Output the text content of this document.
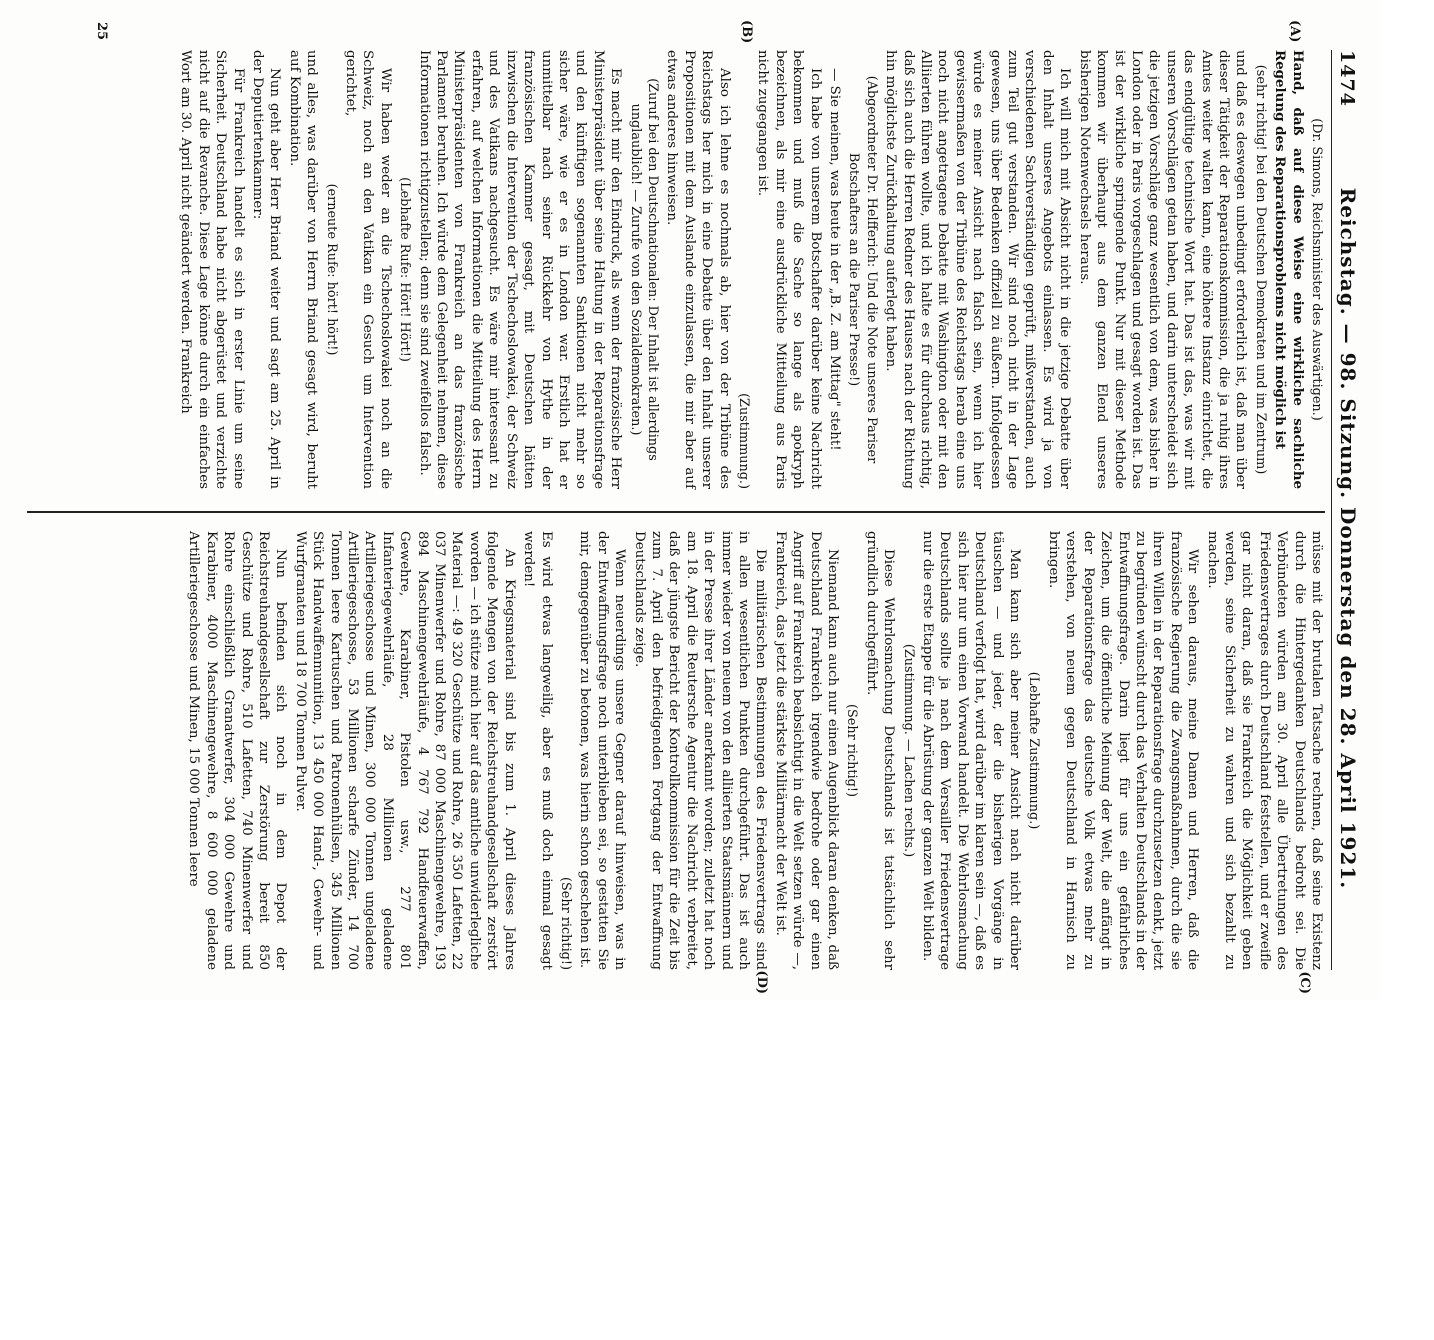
1474
Reichstag. — 98. Sitzung. Donnerstag den 28. April 1921.

(Dr. Simons, Reichsminister des Auswärtigen.)

(A)

Hand, daß auf diese Weise eine wirkliche sachliche Regelung des Reparationsproblems nicht möglich ist

(sehr richtig! bei den Deutschen Demokraten und im Zentrum)

und daß es deswegen unbedingt erforderlich ist, daß man über dieser Tätigkeit der Reparationskommission, die ja ruhig ihres Amtes weiter walten kann, eine höhere Instanz einrichtet, die das endgültige technische Wort hat. Das ist das, was wir mit unseren Vorschlägen getan haben, und darin unterscheidet sich die jetzigen Vorschläge ganz wesentlich von dem, was bisher in London oder in Paris vorgeschlagen und gesagt worden ist. Das ist der wirkliche springende Punkt. Nur mit dieser Methode kommen wir überhaupt aus dem ganzen Elend unseres bisherigen Notenwechsels heraus.

Ich will mich mit Absicht nicht in die jetzige Debatte über den Inhalt unseres Angebots einlassen. Es wird ja von verschiedenen Sachverständigen geprüft, mißverstanden, auch zum Teil gut verstanden. Wir sind noch nicht in der Lage gewesen, uns über Bedenken offiziell zu äußern. Infolgedessen würde es meiner Ansicht nach falsch sein, wenn ich hier gewissermaßen von der Tribüne des Reichstags herab eine uns noch nicht angetragene Debatte mit Washington oder mit den Alliierten führen wollte, und ich halte es für durchaus richtig, daß sich auch die Herren Redner des Hauses nach der Richtung hin möglichste Zurückhaltung auferlegt haben.

(Abgeordneter Dr. Helfferich: Und die Note unseres Pariser Botschafters an die Pariser Presse!)

— Sie meinen, was heute in der „B. Z. am Mittag" steht!

(B)

Ich habe von unserem Botschafter darüber keine Nachricht bekommen und muß die Sache so lange als apokryph bezeichnen, als mir eine ausdrückliche Mitteilung aus Paris nicht zugegangen ist.

(Zustimmung.)

Also ich lehne es nochmals ab, hier von der Tribüne des Reichstags her mich in eine Debatte über den Inhalt unserer Propositionen mit dem Auslande einzulassen, die mir aber auf etwas anderes hinweisen.

(Zuruf bei den Deutschnationalen: Der Inhalt ist allerdings unglaublich! — Zurufe von den Sozialdemokraten.)

Es macht mir den Eindruck, als wenn der französische Herr Ministerpräsident über seine Haltung in der Reparationsfrage und den künftigen sogenannten Sanktionen nicht mehr so sicher wäre, wie er es in London war. Erstlich hat er unmittelbar nach seiner Rückkehr von Hythe in der französischen Kammer gesagt, mit Deutschen hätten inzwischen die Intervention der Tschechoslowakei, der Schweiz und des Vatikans nachgesucht. Es wäre mir interessant zu erfahren, auf welchen Informationen die Mitteilung des Herrn Ministerpräsidenten von Frankreich an das französische Parlament beruhen. Ich würde dem Gelegenheit nehmen, diese Informationen richtigzustellen; denn sie sind zweifellos falsch.

(Lebhafte Rufe: Hört! Hört!)

Wir haben weder an die Tschechoslowakei noch an die Schweiz, noch an den Vatikan ein Gesuch um Intervention gerichtet,

(erneute Rufe: hört! hört!)

und alles, was darüber von Herrn Briand gesagt wird, beruht auf Kombination.

Nun geht aber Herr Briand weiter und sagt am 25. April in der Deputiertenkammer:

25

Für Frankreich handelt es sich in erster Linie um seine Sicherheit. Deutschland habe nicht abgerüstet und verzichte nicht auf die Revanche. Diese Lage könne durch ein einfaches Wort am 30. April nicht geändert werden. Frankreich

(C)

müsse mit der brutalen Tatsache rechnen, daß seine Existenz durch die Hintergedanken Deutschlands bedroht sei. Die Verbündeten würden am 30. April alle Übertretungen des Friedensvertrages durch Deutschland feststellen, und er zweifle gar nicht daran, daß sie Frankreich die Möglichkeit geben werden, seine Sicherheit zu wahren und sich bezahlt zu machen.

Wir sehen daraus, meine Damen und Herren, daß die französische Regierung die Zwangsmaßnahmen, durch die sie ihren Willen in der Reparationsfrage durchzusetzen denkt, jetzt zu begründen wünscht durch das Verhalten Deutschlands in der Entwaffnungsfrage. Darin liegt für uns ein gefährliches Zeichen, um die öffentliche Meinung der Welt, die anfängt in der Reparationsfrage das deutsche Volk etwas mehr zu verstehen, von neuem gegen Deutschland in Harnisch zu bringen.

(Lebhafte Zustimmung.)

Man kann sich aber meiner Ansicht nach nicht darüber täuschen — und jeder, der die bisherigen Vorgänge in Deutschland verfolgt hat, wird darüber im klaren sein —, daß es sich hier nur um einen Vorwand handelt. Die Wehrlosmachung Deutschlands sollte ja nach dem Versailler Friedensvertrage nur die erste Etappe für die Abrüstung der ganzen Welt bilden.

(Zustimmung. — Lachen rechts.)

Diese Wehrlosmachung Deutschlands ist tatsächlich sehr gründlich durchgeführt.

(Sehr richtig!)

Niemand kann auch nur einen Augenblick daran denken, daß Deutschland Frankreich irgendwie bedrohe oder gar einen Angriff auf Frankreich beabsichtigt in die Welt setzen würde —, Frankreich, das jetzt die stärkste Militärmacht der Welt ist.

(D)

Die militärischen Bestimmungen des Friedensvertrags sind in allen wesentlichen Punkten durchgeführt. Das ist auch immer wieder von neuem von den alliierten Staatsmännern und in der Presse ihrer Länder anerkannt worden; zuletzt hat noch am 18. April die Reutersche Agentur die Nachricht verbreitet, daß der jüngste Bericht der Kontrollkommission für die Zeit bis zum 7. April den befriedigenden Fortgang der Entwaffnung Deutschlands zeige.

Wenn neuerdings unsere Gegner darauf hinweisen, was in der Entwaffnungsfrage noch unterblieben sei, so gestatten Sie mir, demgegenüber zu betonen, was hierin schon geschehen ist.

(Sehr richtig!)

Es wird etwas langweilig, aber es muß doch einmal gesagt werden!

An Kriegsmaterial sind bis zum 1. April dieses Jahres folgende Mengen von der Reichstreuhandgesellschaft zerstört worden — ich stütze mich hier auf das amtliche unwiderlegliche Material —: 49 320 Geschütze und Rohre, 26 350 Lafetten, 22 037 Minenwerfer und Rohre, 87 000 Maschinengewehre, 193 894 Maschinengewehrläufe, 4 767 792 Handfeuerwaffen, Gewehre, Karabiner, Pistolen usw., 277 801 Infanteriegewehrläufe, 28 Millionen geladene Artilleriegeschosse und Minen, 300 000 Tonnen ungeladene Artilleriegeschosse, 53 Millionen scharfe Zünder, 14 700 Tonnen leere Kartuschen und Patronenhülsen, 345 Millionen Stück Handwaffenmunition, 13 450 000 Hand-, Gewehr- und Wurfgranaten und 18 700 Tonnen Pulver.

Nun befinden sich noch in dem Depot der Reichstreuhandgesellschaft zur Zerstörung bereit 850 Geschütze und Rohre, 510 Lafetten, 740 Minenwerfer und Rohre einschließlich Granatwerfer, 304 000 Gewehre und Karabiner, 4000 Maschinengewehre, 8 600 000 geladene Artilleriegeschosse und Minen, 15 000 Tonnen leere
